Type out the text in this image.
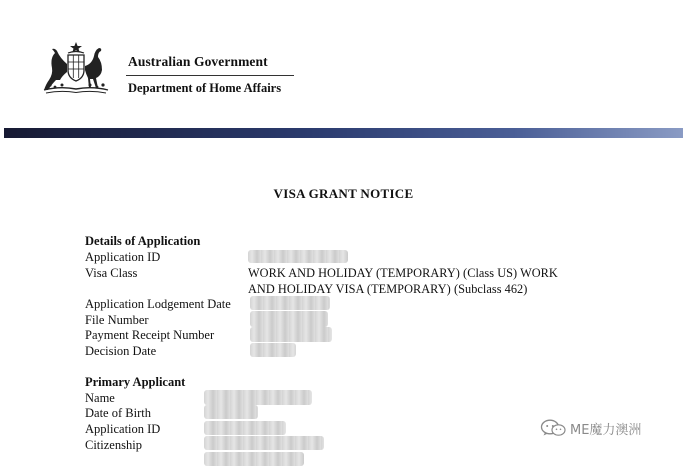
Australian Government
Department of Home Affairs
VISA GRANT NOTICE
Details of Application
Application ID
Visa Class	WORK AND HOLIDAY (TEMPORARY) (Class US) WORK
AND HOLIDAY VISA (TEMPORARY) (Subclass 462)
Application Lodgement Date
File Number
Payment Receipt Number
Decision Date
Primary Applicant
Name
Date of Birth
Application ID
Citizenship
ME魔力澳洲
